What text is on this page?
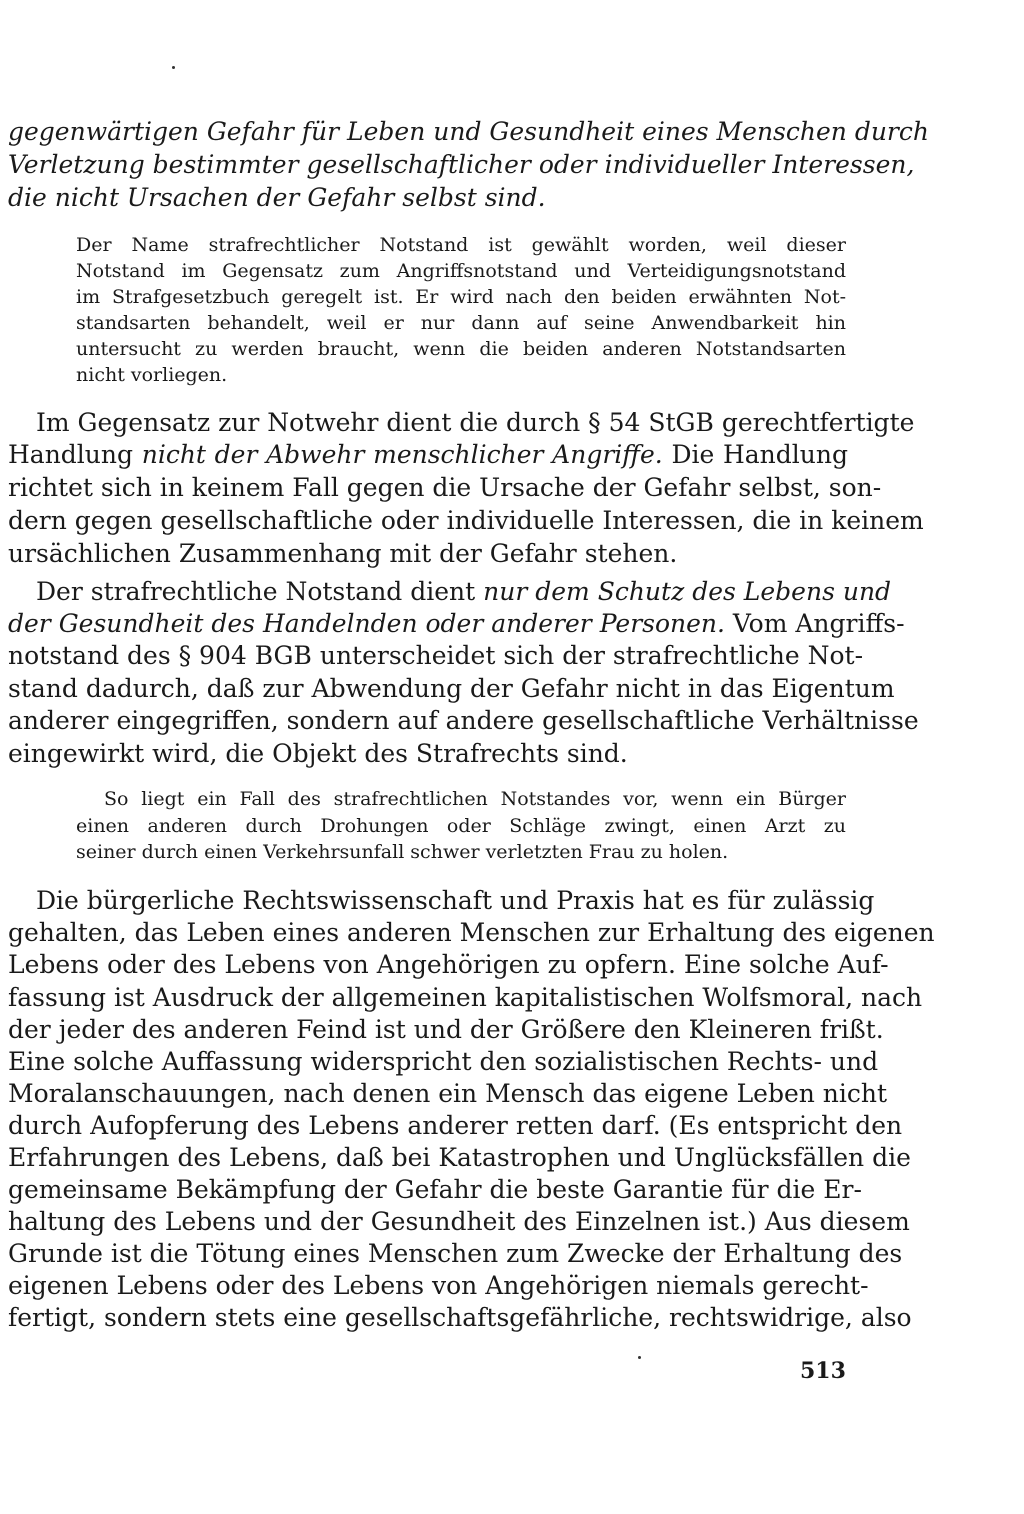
gegenwärtigen Gefahr für Leben und Gesundheit eines Menschen durch
Verletzung bestimmter gesellschaftlicher oder individueller Interessen,
die nicht Ursachen der Gefahr selbst sind.
Der Name strafrechtlicher Notstand ist gewählt worden, weil dieser
Notstand im Gegensatz zum Angriffsnotstand und Verteidigungsnotstand
im Strafgesetzbuch geregelt ist. Er wird nach den beiden erwähnten Not-
standsarten behandelt, weil er nur dann auf seine Anwendbarkeit hin
untersucht zu werden braucht, wenn die beiden anderen Notstandsarten
nicht vorliegen.
Im Gegensatz zur Notwehr dient die durch § 54 StGB gerechtfertigte
Handlung nicht der Abwehr menschlicher Angriffe. Die Handlung
richtet sich in keinem Fall gegen die Ursache der Gefahr selbst, son-
dern gegen gesellschaftliche oder individuelle Interessen, die in keinem
ursächlichen Zusammenhang mit der Gefahr stehen.
Der strafrechtliche Notstand dient nur dem Schutz des Lebens und
der Gesundheit des Handelnden oder anderer Personen. Vom Angriffs-
notstand des § 904 BGB unterscheidet sich der strafrechtliche Not-
stand dadurch, daß zur Abwendung der Gefahr nicht in das Eigentum
anderer eingegriffen, sondern auf andere gesellschaftliche Verhältnisse
eingewirkt wird, die Objekt des Strafrechts sind.
So liegt ein Fall des strafrechtlichen Notstandes vor, wenn ein Bürger
einen anderen durch Drohungen oder Schläge zwingt, einen Arzt zu
seiner durch einen Verkehrsunfall schwer verletzten Frau zu holen.
Die bürgerliche Rechtswissenschaft und Praxis hat es für zulässig
gehalten, das Leben eines anderen Menschen zur Erhaltung des eigenen
Lebens oder des Lebens von Angehörigen zu opfern. Eine solche Auf-
fassung ist Ausdruck der allgemeinen kapitalistischen Wolfsmoral, nach
der jeder des anderen Feind ist und der Größere den Kleineren frißt.
Eine solche Auffassung widerspricht den sozialistischen Rechts- und
Moralanschauungen, nach denen ein Mensch das eigene Leben nicht
durch Aufopferung des Lebens anderer retten darf. (Es entspricht den
Erfahrungen des Lebens, daß bei Katastrophen und Unglücksfällen die
gemeinsame Bekämpfung der Gefahr die beste Garantie für die Er-
haltung des Lebens und der Gesundheit des Einzelnen ist.) Aus diesem
Grunde ist die Tötung eines Menschen zum Zwecke der Erhaltung des
eigenen Lebens oder des Lebens von Angehörigen niemals gerecht-
fertigt, sondern stets eine gesellschaftsgefährliche, rechtswidrige, also
513
